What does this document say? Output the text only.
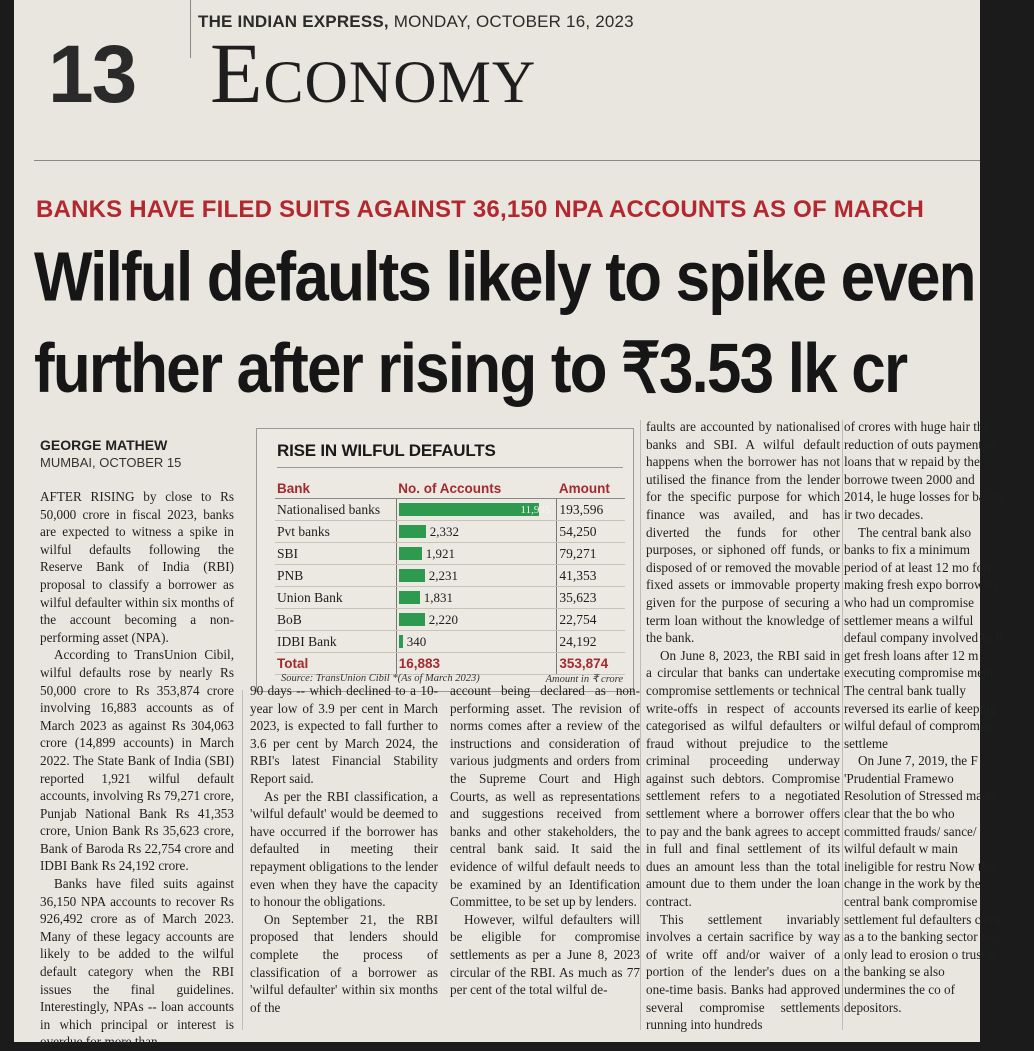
THE INDIAN EXPRESS, MONDAY, OCTOBER 16, 2023
13 Economy
BANKS HAVE FILED SUITS AGAINST 36,150 NPA ACCOUNTS AS OF MARCH
Wilful defaults likely to spike even
further after rising to ₹3.53 lk cr
GEORGE MATHEW
MUMBAI, OCTOBER 15

AFTER RISING by close to Rs 50,000 crore in fiscal 2023, banks are expected to witness a spike in wilful defaults following the Reserve Bank of India (RBI) proposal to classify a borrower as wilful defaulter within six months of the account becoming a non-performing asset (NPA).

According to TransUnion Cibil, wilful defaults rose by nearly Rs 50,000 crore to Rs 353,874 crore involving 16,883 accounts as of March 2023 as against Rs 304,063 crore (14,899 accounts) in March 2022. The State Bank of India (SBI) reported 1,921 wilful default accounts, involving Rs 79,271 crore, Punjab National Bank Rs 41,353 crore, Union Bank Rs 35,623 crore, Bank of Baroda Rs 22,754 crore and IDBI Bank Rs 24,192 crore.

Banks have filed suits against 36,150 NPA accounts to recover Rs 926,492 crore as of March 2023. Many of these legacy accounts are likely to be added to the wilful default category when the RBI issues the final guidelines. Interestingly, NPAs -- loan accounts in which principal or interest is overdue for more than

RISE IN WILFUL DEFAULTS
Bank	No. of Accounts	Amount
Nationalised banks	11,935	193,596
Pvt banks	2,332	54,250
SBI	1,921	79,271
PNB	2,231	41,353
Union Bank	1,831	35,623
BoB	2,220	22,754
IDBI Bank	340	24,192
Total	16,883	353,874
Source: TransUnion Cibil *(As of March 2023)	Amount in ₹ crore

90 days -- which declined to a 10-year low of 3.9 per cent in March 2023, is expected to fall further to 3.6 per cent by March 2024, the RBI's latest Financial Stability Report said.

As per the RBI classification, a 'wilful default' would be deemed to have occurred if the borrower has defaulted in meeting their repayment obligations to the lender even when they have the capacity to honour the obligations.

On September 21, the RBI proposed that lenders should complete the process of classification of a borrower as 'wilful defaulter' within six months of the

account being declared as non-performing asset. The revision of norms comes after a review of the instructions and consideration of various judgments and orders from the Supreme Court and High Courts, as well as representations and suggestions received from banks and other stakeholders, the central bank said. It said the evidence of wilful default needs to be examined by an Identification Committee, to be set up by lenders.

However, wilful defaulters will be eligible for compromise settlements as per a June 8, 2023 circular of the RBI. As much as 77 per cent of the total wilful de-

faults are accounted by nationalised banks and SBI. A wilful default happens when the borrower has not utilised the finance from the lender for the specific purpose for which finance was availed, and has diverted the funds for other purposes, or siphoned off funds, or disposed of or removed the movable fixed assets or immovable property given for the purpose of securing a term loan without the knowledge of the bank.

On June 8, 2023, the RBI said in a circular that banks can undertake compromise settlements or technical write-offs in respect of accounts categorised as wilful defaulters or fraud without prejudice to the criminal proceeding underway against such debtors. Compromise settlement refers to a negotiated settlement where a borrower offers to pay and the bank agrees to accept in full and final settlement of its dues an amount less than the total amount due to them under the loan contract.

This settlement invariably involves a certain sacrifice by way of write off and/or waiver of a portion of the lender's dues on a one-time basis. Banks had approved several compromise settlements running into hundreds

of crores with huge hair the reduction of outs payment or loans that w repaid by the borrowe tween 2000 and 2014, le huge losses for banks ir two decades.

The central bank also banks to fix a minimum period of at least 12 mo fore making fresh expo borrowers who had un compromise settlemer means a wilful defaul company involved in fr get fresh loans after 12 m executing compromise ment. The central bank tually reversed its earlie of keeping wilful defaul of compromise settleme

On June 7, 2019, the F 'Prudential Framewo Resolution of Stressed made clear that the bo who committed frauds/ sance/ wilful default w main ineligible for restru Now this change in the work by the central bank compromise settlement ful defaulters came as a to the banking sector as i only lead to erosion o trust in the banking se also undermines the co of depositors.
